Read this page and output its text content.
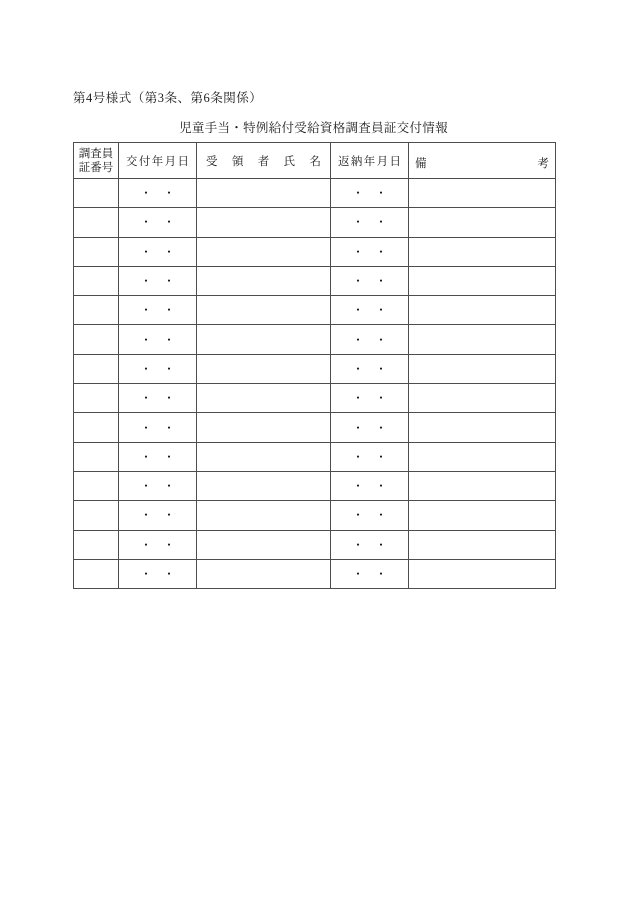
第4号様式（第3条、第6条関係）
児童手当・特例給付受給資格調査員証交付情報
調査員
証番号	交付年月日	受領者氏名	返納年月日	備考
	・　・		・　・	
	・　・		・　・	
	・　・		・　・	
	・　・		・　・	
	・　・		・　・	
	・　・		・　・	
	・　・		・　・	
	・　・		・　・	
	・　・		・　・	
	・　・		・　・	
	・　・		・　・	
	・　・		・　・	
	・　・		・　・	
	・　・		・　・	
